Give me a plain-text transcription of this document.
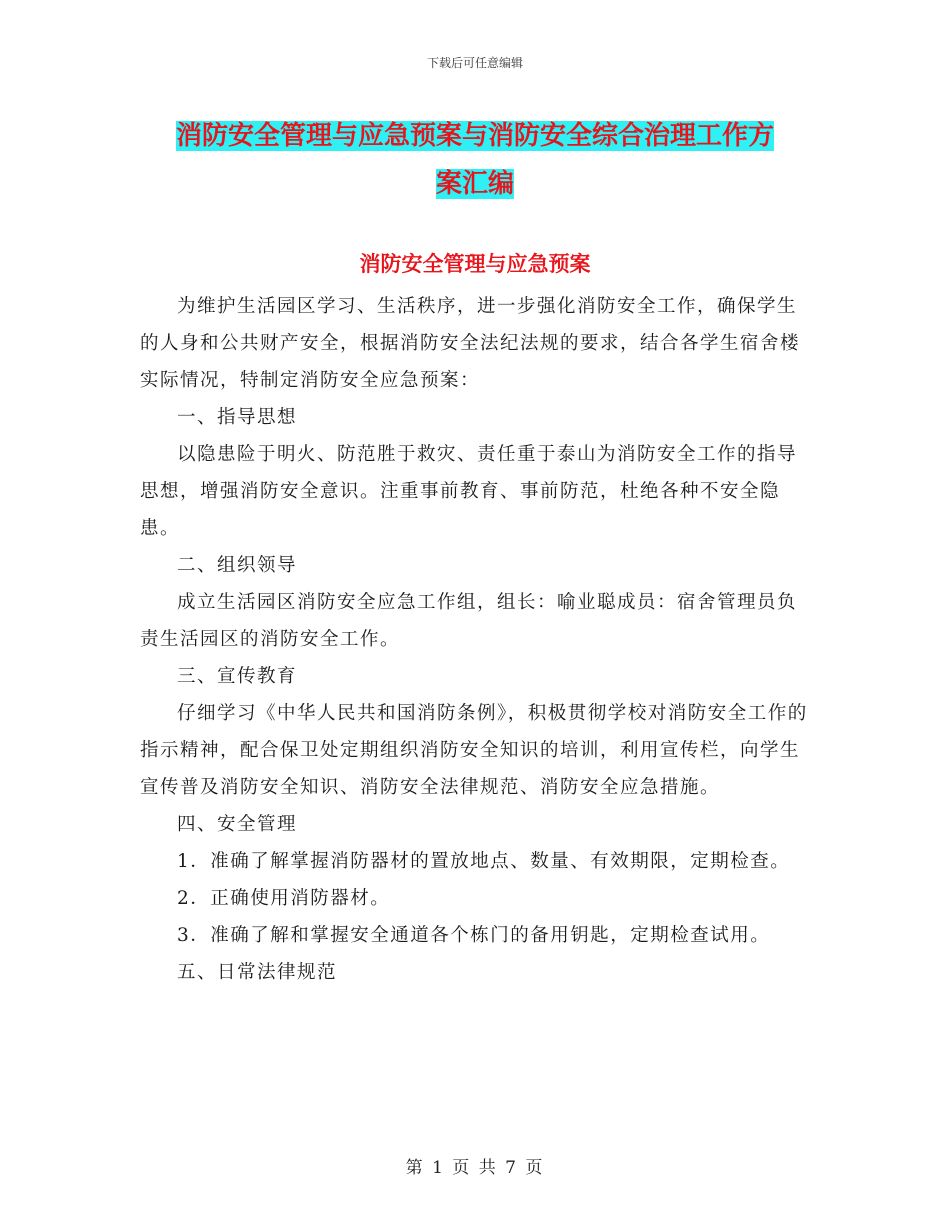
下载后可任意编辑
消防安全管理与应急预案与消防安全综合治理工作方
案汇编
消防安全管理与应急预案

为维护生活园区学习、生活秩序，进一步强化消防安全工作，确保学生的人身和公共财产安全，根据消防安全法纪法规的要求，结合各学生宿舍楼实际情况，特制定消防安全应急预案：

一、指导思想

以隐患险于明火、防范胜于救灾、责任重于泰山为消防安全工作的指导思想，增强消防安全意识。注重事前教育、事前防范，杜绝各种不安全隐患。

二、组织领导

成立生活园区消防安全应急工作组，组长：喻业聪成员：宿舍管理员负责生活园区的消防安全工作。

三、宣传教育

仔细学习《中华人民共和国消防条例》，积极贯彻学校对消防安全工作的指示精神，配合保卫处定期组织消防安全知识的培训，利用宣传栏，向学生宣传普及消防安全知识、消防安全法律规范、消防安全应急措施。

四、安全管理

1．准确了解掌握消防器材的置放地点、数量、有效期限，定期检查。

2．正确使用消防器材。

3．准确了解和掌握安全通道各个栋门的备用钥匙，定期检查试用。

五、日常法律规范

第 1 页 共 7 页
